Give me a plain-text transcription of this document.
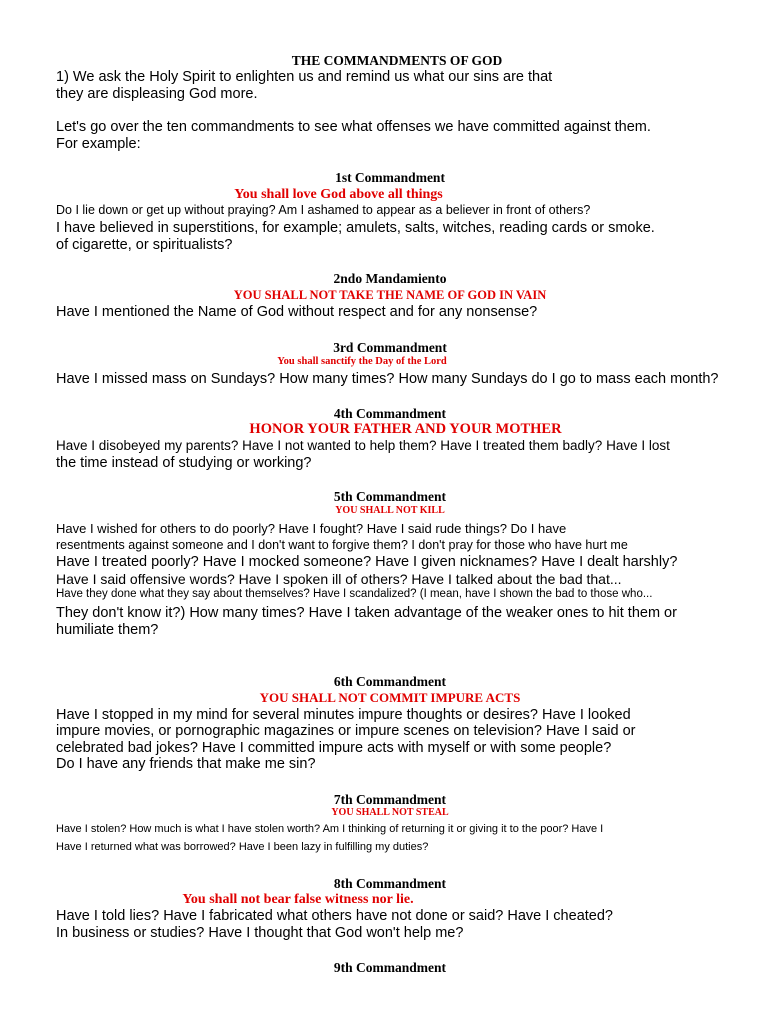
THE COMMANDMENTS OF GOD
1) We ask the Holy Spirit to enlighten us and remind us what our sins are that
they are displeasing God more.
Let's go over the ten commandments to see what offenses we have committed against them.
For example:
1st Commandment
You shall love God above all things
Do I lie down or get up without praying? Am I ashamed to appear as a believer in front of others?
I have believed in superstitions, for example; amulets, salts, witches, reading cards or smoke.
of cigarette, or spiritualists?
2ndo Mandamiento
YOU SHALL NOT TAKE THE NAME OF GOD IN VAIN
Have I mentioned the Name of God without respect and for any nonsense?
3rd Commandment
You shall sanctify the Day of the Lord
Have I missed mass on Sundays? How many times? How many Sundays do I go to mass each month?
4th Commandment
HONOR YOUR FATHER AND YOUR MOTHER
Have I disobeyed my parents? Have I not wanted to help them? Have I treated them badly? Have I lost
the time instead of studying or working?
5th Commandment
YOU SHALL NOT KILL
Have I wished for others to do poorly? Have I fought? Have I said rude things? Do I have
resentments against someone and I don't want to forgive them? I don't pray for those who have hurt me
Have I treated poorly? Have I mocked someone? Have I given nicknames? Have I dealt harshly?
Have I said offensive words? Have I spoken ill of others? Have I talked about the bad that...
Have they done what they say about themselves? Have I scandalized? (I mean, have I shown the bad to those who...
They don't know it?) How many times? Have I taken advantage of the weaker ones to hit them or
humiliate them?
6th Commandment
YOU SHALL NOT COMMIT IMPURE ACTS
Have I stopped in my mind for several minutes impure thoughts or desires? Have I looked
impure movies, or pornographic magazines or impure scenes on television? Have I said or
celebrated bad jokes? Have I committed impure acts with myself or with some people?
Do I have any friends that make me sin?
7th Commandment
YOU SHALL NOT STEAL
Have I stolen? How much is what I have stolen worth? Am I thinking of returning it or giving it to the poor? Have I
Have I returned what was borrowed? Have I been lazy in fulfilling my duties?
8th Commandment
You shall not bear false witness nor lie.
Have I told lies? Have I fabricated what others have not done or said? Have I cheated?
In business or studies? Have I thought that God won't help me?
9th Commandment
